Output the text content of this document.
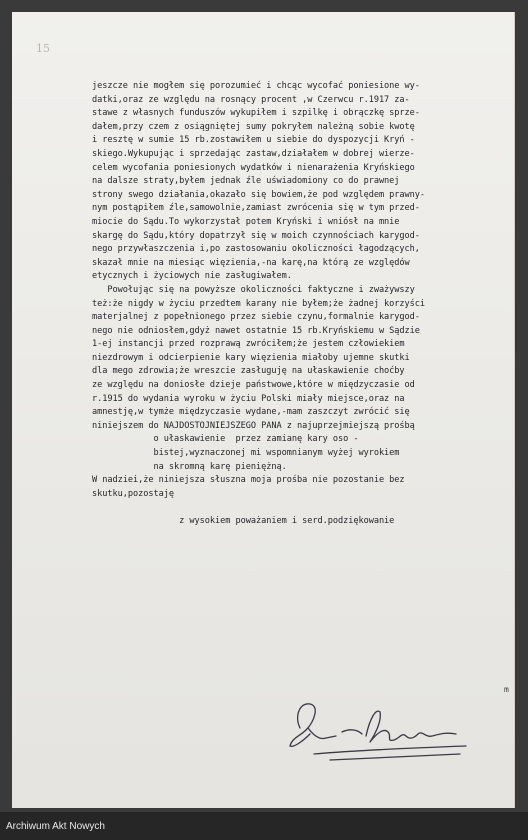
15
jeszcze nie mogłem się porozumieć i chcąc wycofać poniesione wy-
datki,oraz ze względu na rosnący procent ,w Czerwcu r.1917 za-
stawe z własnych funduszów wykupiłem i szpilkę i obrączkę sprze-
dałem,przy czem z osiągniętej sumy pokryłem należną sobie kwotę
i resztę w sumie 15 rb.zostawiłem u siebie do dyspozycji Kryń -
skiego.Wykupując i sprzedając zastaw,działałem w dobrej wierze-
celem wycofania poniesionych wydatków i nienarażenia Kryńskiego
na dalsze straty,byłem jednak źle uświadomiony co do prawnej
strony swego działania,okazało się bowiem,że pod względem prawny-
nym postąpiłem źle,samowolnie,zamiast zwrócenia się w tym przed-
miocie do Sądu.To wykorzystał potem Kryński i wniósł na mnie
skargę do Sądu,który dopatrzył się w moich czynnościach karygod-
nego przywłaszczenia i,po zastosowaniu okoliczności łagodzących,
skazał mnie na miesiąc więzienia,-na karę,na którą ze względów
etycznych i życiowych nie zasługiwałem.
Powołując się na powyższe okoliczności faktyczne i zważywszy
też:że nigdy w życiu przedtem karany nie byłem;że żadnej korzyści
materjalnej z popełnionego przez siebie czynu,formalnie karygod-
nego nie odniosłem,gdyż nawet ostatnie 15 rb.Kryńskiemu w Sądzie
1-ej instancji przed rozprawą zwróciłem;że jestem człowiekiem
niezdrowym i odcierpienie kary więzienia miałoby ujemne skutki
dla mego zdrowia;że wreszcie zasługuję na ułaskawienie choćby
ze względu na doniosłe dzieje państwowe,które w międzyczasie od
r.1915 do wydania wyroku w życiu Polski miały miejsce,oraz na
amnestję,w tymże międzyczasie wydane,-mam zaszczyt zwrócić się
niniejszem do NAJDOSTOJNIEJSZEGO PANA z najuprzejmiejszą prośbą
o ułaskawienie  przez zamianę kary oso -
bistej,wyznaczonej mi wspomnianym wyżej wyrokiem
na skromną karę pieniężną.
W nadziei,że niniejsza słuszna moja prośba nie pozostanie bez
skutku,pozostaję
z wysokiem poważaniem i serd.podziękowanie
m
Archiwum Akt Nowych
